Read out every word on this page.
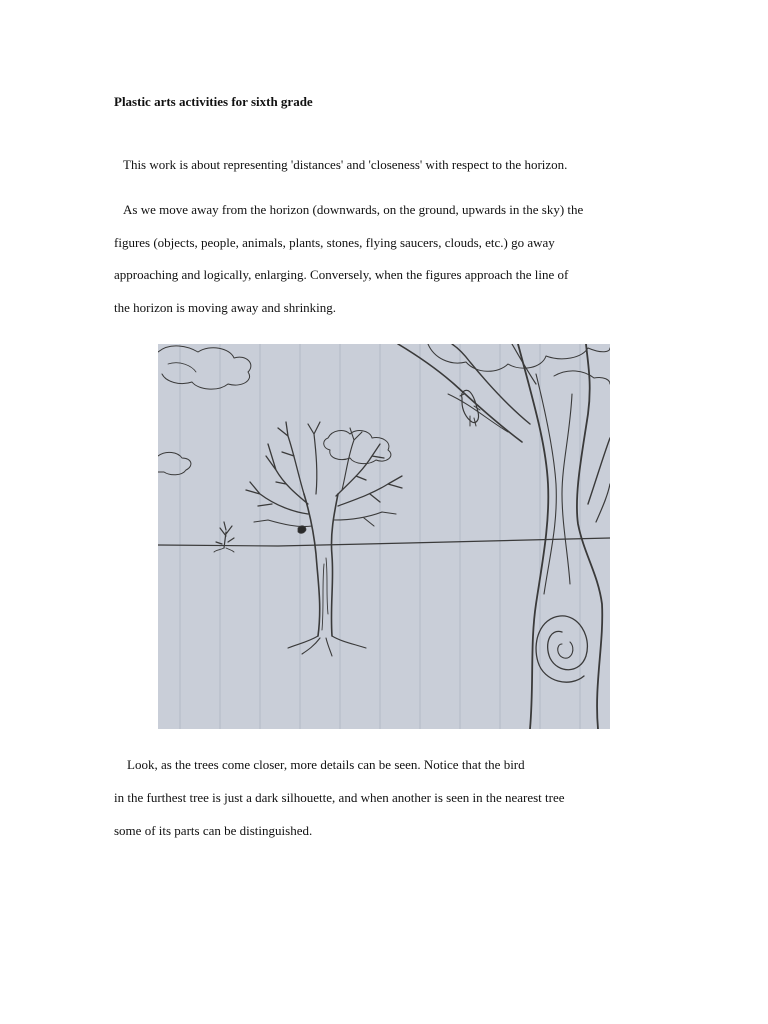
Plastic arts activities for sixth grade
This work is about representing 'distances' and 'closeness' with respect to the horizon.
As we move away from the horizon (downwards, on the ground, upwards in the sky) the
figures (objects, people, animals, plants, stones, flying saucers, clouds, etc.) go away
approaching and logically, enlarging. Conversely, when the figures approach the line of
the horizon is moving away and shrinking.
Look, as the trees come closer, more details can be seen. Notice that the bird
in the furthest tree is just a dark silhouette, and when another is seen in the nearest tree
some of its parts can be distinguished.
